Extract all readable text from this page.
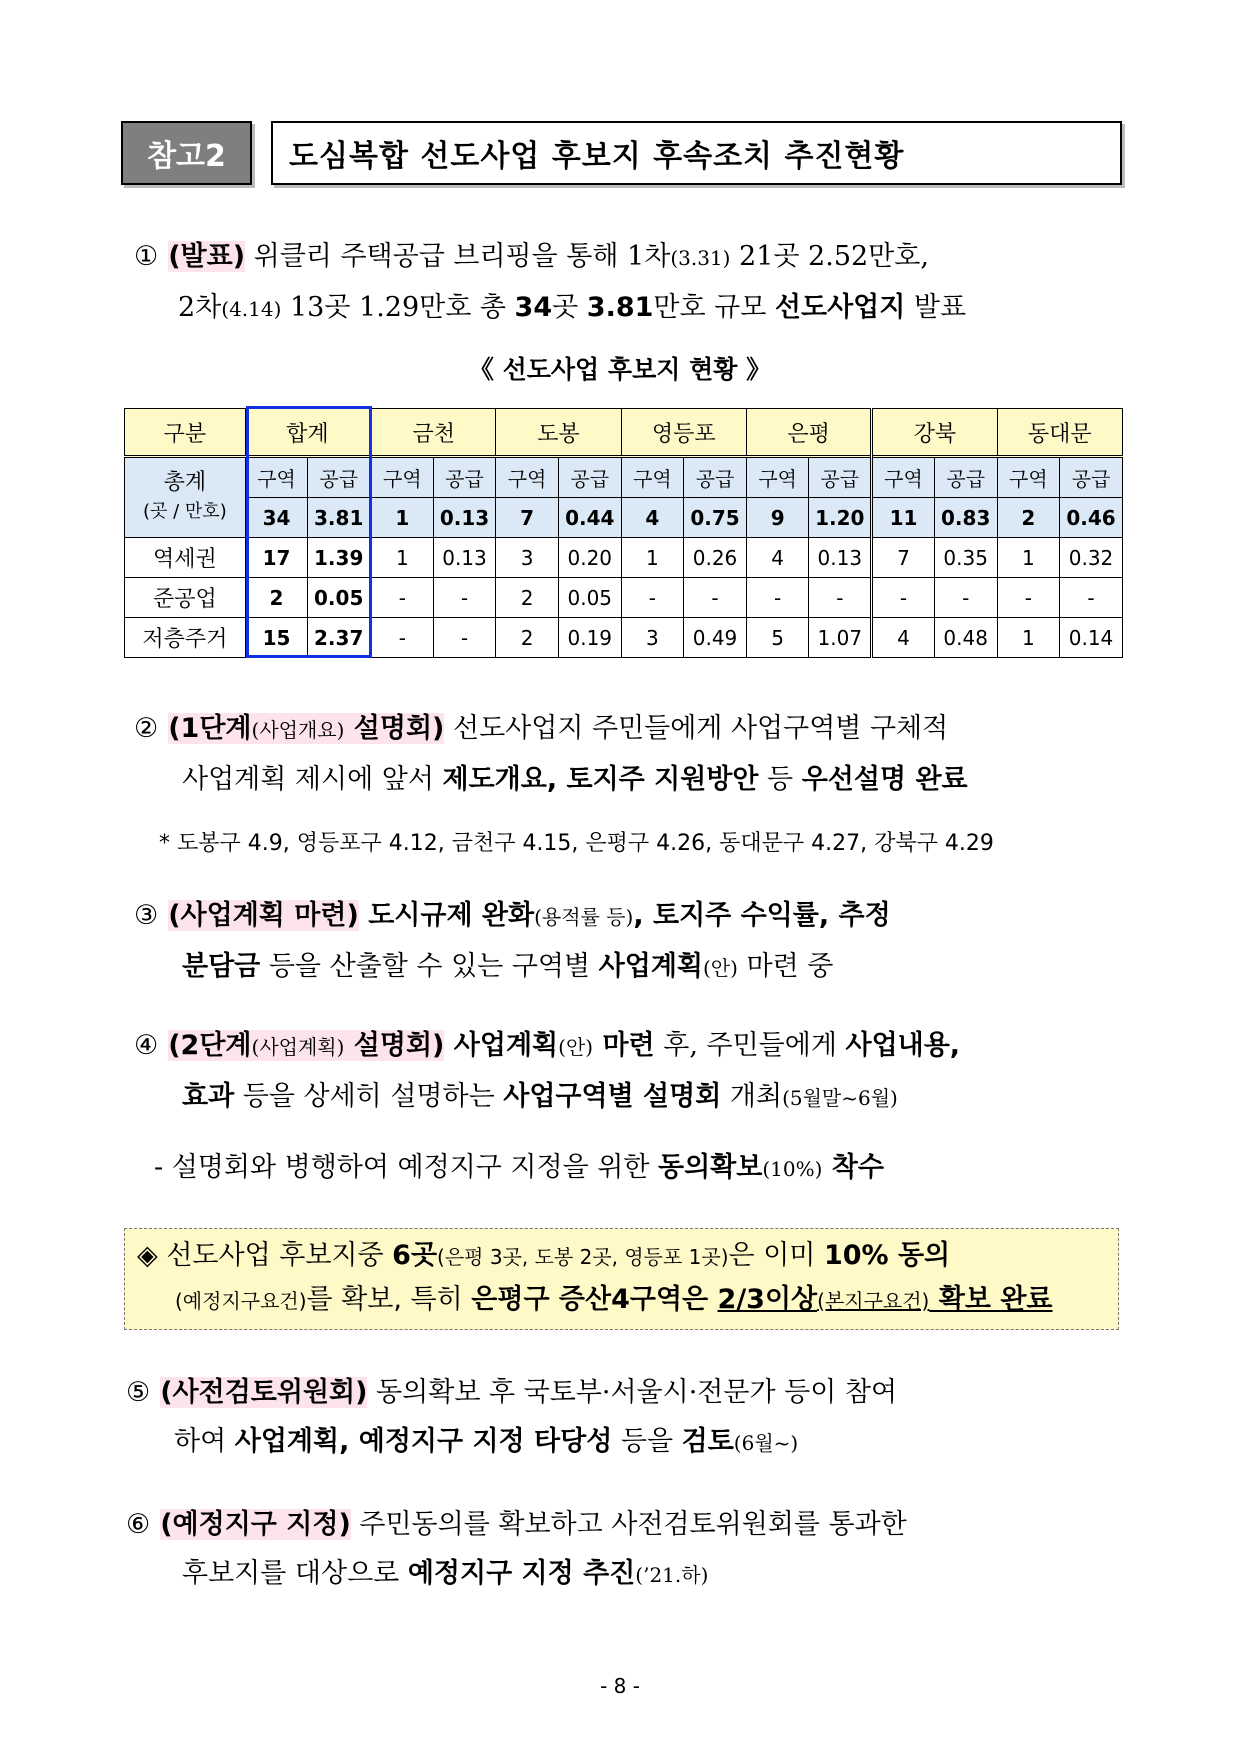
참고2	도심복합 선도사업 후보지 후속조치 추진현황
① (발표) 위클리 주택공급 브리핑을 통해 1차(3.31) 21곳 2.52만호,
2차(4.14) 13곳 1.29만호 총 34곳 3.81만호 규모 선도사업지 발표
《 선도사업 후보지 현황 》
구분	합계		금천		도봉		영등포		은평		강북		동대문	
총계
(곳 / 만호)	구역	공급	구역	공급	구역	공급	구역	공급	구역	공급	구역	공급	구역	공급
	34	3.81	1	0.13	7	0.44	4	0.75	9	1.20	11	0.83	2	0.46
역세권	17	1.39	1	0.13	3	0.20	1	0.26	4	0.13	7	0.35	1	0.32
준공업	2	0.05	-	-	2	0.05	-	-	-	-	-	-	-	-
저층주거	15	2.37	-	-	2	0.19	3	0.49	5	1.07	4	0.48	1	0.14
② (1단계(사업개요) 설명회) 선도사업지 주민들에게 사업구역별 구체적
사업계획 제시에 앞서 제도개요, 토지주 지원방안 등 우선설명 완료
* 도봉구 4.9, 영등포구 4.12, 금천구 4.15, 은평구 4.26, 동대문구 4.27, 강북구 4.29
③ (사업계획 마련) 도시규제 완화(용적률 등), 토지주 수익률, 추정
분담금 등을 산출할 수 있는 구역별 사업계획(안) 마련 중
④ (2단계(사업계획) 설명회) 사업계획(안) 마련 후, 주민들에게 사업내용,
효과 등을 상세히 설명하는 사업구역별 설명회 개최(5월말~6월)
- 설명회와 병행하여 예정지구 지정을 위한 동의확보(10%) 착수
◈ 선도사업 후보지중 6곳(은평 3곳, 도봉 2곳, 영등포 1곳)은 이미 10% 동의
(예정지구요건)를 확보, 특히 은평구 증산4구역은 2/3이상(본지구요건) 확보 완료
⑤ (사전검토위원회) 동의확보 후 국토부·서울시·전문가 등이 참여
하여 사업계획, 예정지구 지정 타당성 등을 검토(6월~)
⑥ (예정지구 지정) 주민동의를 확보하고 사전검토위원회를 통과한
후보지를 대상으로 예정지구 지정 추진(’21.하)
- 8 -
